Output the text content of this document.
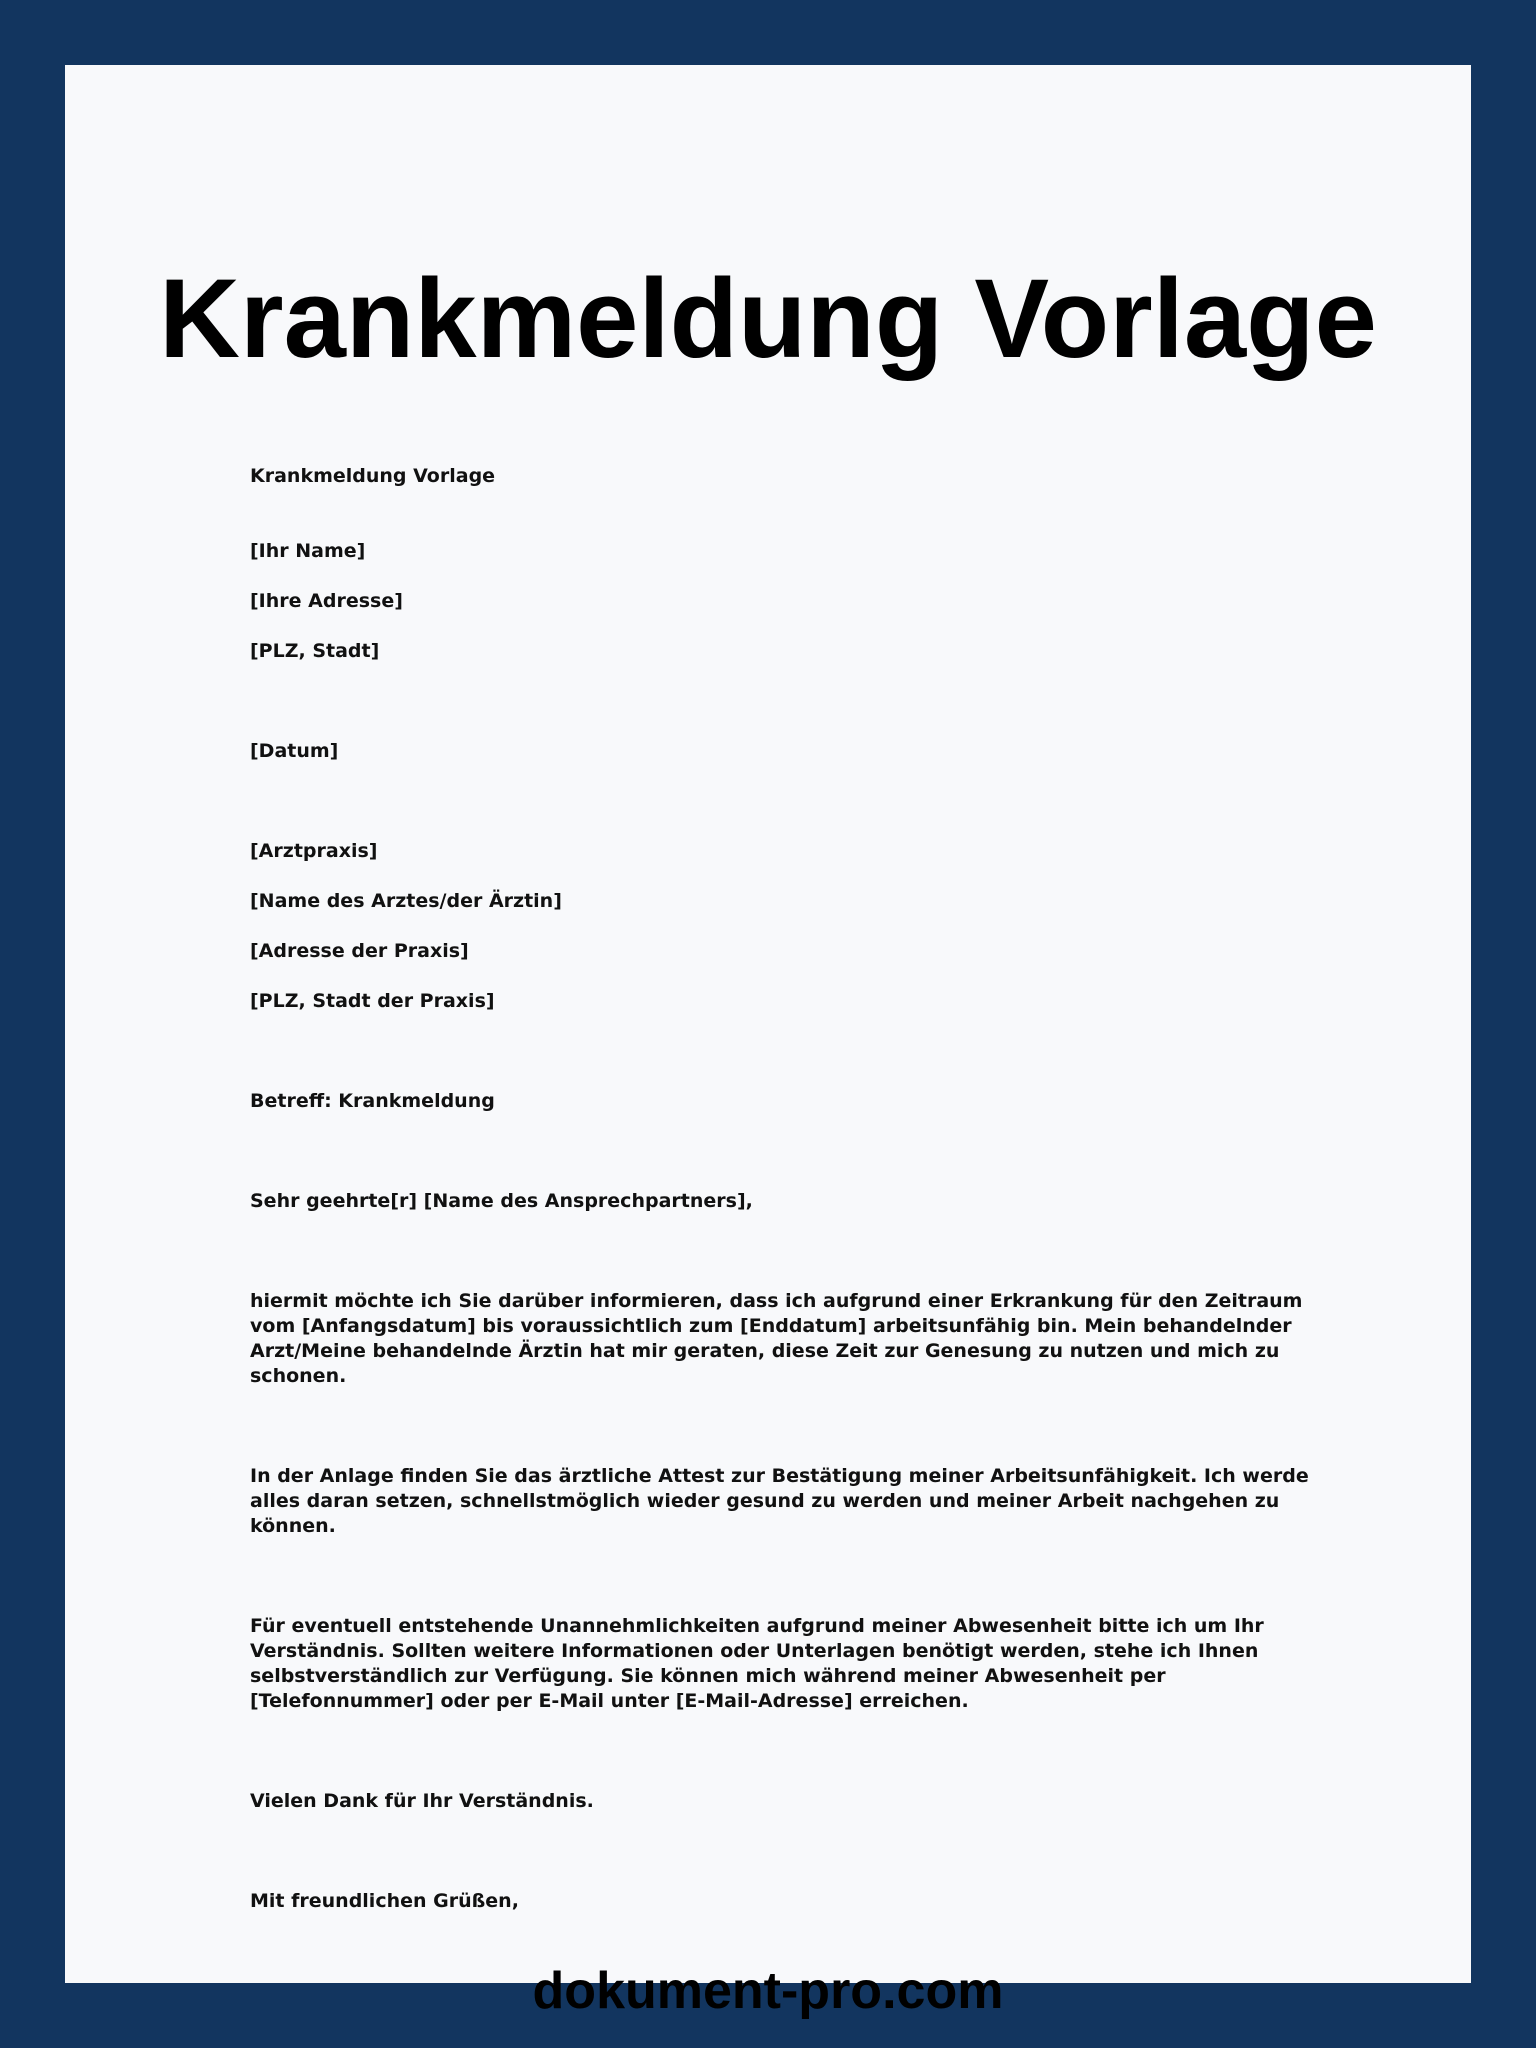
Krankmeldung Vorlage

Krankmeldung Vorlage

[Ihr Name]

[Ihre Adresse]

[PLZ, Stadt]

[Datum]

[Arztpraxis]

[Name des Arztes/der Ärztin]

[Adresse der Praxis]

[PLZ, Stadt der Praxis]

Betreff: Krankmeldung

Sehr geehrte[r] [Name des Ansprechpartners],

hiermit möchte ich Sie darüber informieren, dass ich aufgrund einer Erkrankung für den Zeitraum vom [Anfangsdatum] bis voraussichtlich zum [Enddatum] arbeitsunfähig bin. Mein behandelnder Arzt/Meine behandelnde Ärztin hat mir geraten, diese Zeit zur Genesung zu nutzen und mich zu schonen.

In der Anlage finden Sie das ärztliche Attest zur Bestätigung meiner Arbeitsunfähigkeit. Ich werde alles daran setzen, schnellstmöglich wieder gesund zu werden und meiner Arbeit nachgehen zu können.

Für eventuell entstehende Unannehmlichkeiten aufgrund meiner Abwesenheit bitte ich um Ihr Verständnis. Sollten weitere Informationen oder Unterlagen benötigt werden, stehe ich Ihnen selbstverständlich zur Verfügung. Sie können mich während meiner Abwesenheit per [Telefonnummer] oder per E-Mail unter [E-Mail-Adresse] erreichen.

Vielen Dank für Ihr Verständnis.

Mit freundlichen Grüßen,

dokument-pro.com
